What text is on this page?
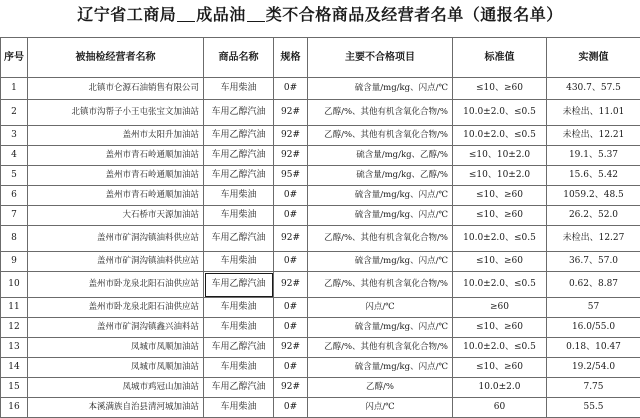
辽宁省工商局 成品油 类不合格商品及经营者名单（通报名单）
序号	被抽检经营者名称	商品名称	规格	主要不合格项目	标准值	实测值
1	北镇市仑源石油销售有限公司	车用柴油	0#	硫含量/mg/kg、闪点/℃	≤10、≥60	430.7、57.5
2	北镇市沟帮子小王屯张宝文加油站	车用乙醇汽油	92#	乙醇/%、其他有机含氧化合物/%	10.0±2.0、≤0.5	未检出、11.01
3	盖州市太阳升加油站	车用乙醇汽油	92#	乙醇/%、其他有机含氧化合物/%	10.0±2.0、≤0.5	未检出、12.21
4	盖州市青石岭通顺加油站	车用乙醇汽油	92#	硫含量/mg/kg、乙醇/%	≤10、10±2.0	19.1、5.37
5	盖州市青石岭通顺加油站	车用乙醇汽油	95#	硫含量/mg/kg、乙醇/%	≤10、10±2.0	15.6、5.42
6	盖州市青石岭通顺加油站	车用柴油	0#	硫含量/mg/kg、闪点/℃	≤10、≥60	1059.2、48.5
7	大石桥市天源加油站	车用柴油	0#	硫含量/mg/kg、闪点/℃	≤10、≥60	26.2、52.0
8	盖州市矿洞沟镇油料供应站	车用乙醇汽油	92#	乙醇/%、其他有机含氧化合物/%	10.0±2.0、≤0.5	未检出、12.27
9	盖州市矿洞沟镇油料供应站	车用柴油	0#	硫含量/mg/kg、闪点/℃	≤10、≥60	36.7、57.0
10	盖州市卧龙泉北阳石油供应站	车用乙醇汽油	92#	乙醇/%、其他有机含氧化合物/%	10.0±2.0、≤0.5	0.62、8.87
11	盖州市卧龙泉北阳石油供应站	车用柴油	0#	闪点/℃	≥60	57
12	盖州市矿洞沟镇鑫兴油料站	车用柴油	0#	硫含量/mg/kg、闪点/℃	≤10、≥60	16.0/55.0
13	凤城市凤顺加油站	车用乙醇汽油	92#	乙醇/%、其他有机含氧化合物/%	10.0±2.0、≤0.5	0.18、10.47
14	凤城市凤顺加油站	车用柴油	0#	硫含量/mg/kg、闪点/℃	≤10、≥60	19.2/54.0
15	凤城市鸡冠山加油站	车用乙醇汽油	92#	乙醇/%	10.0±2.0	7.75
16	本溪满族自治县清河城加油站	车用柴油	0#	闪点/℃	60	55.5
